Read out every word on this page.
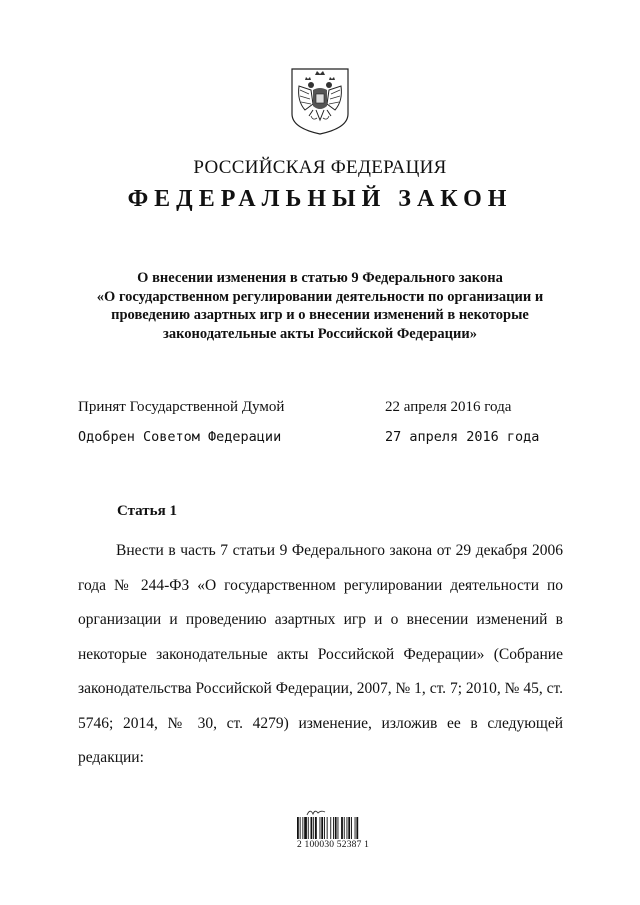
РОССИЙСКАЯ ФЕДЕРАЦИЯ
ФЕДЕРАЛЬНЫЙ ЗАКОН
О внесении изменения в статью 9 Федерального закона
«О государственном регулировании деятельности по организации и
проведению азартных игр и о внесении изменений в некоторые
законодательные акты Российской Федерации»
Принят Государственной Думой	22 апреля 2016 года
Одобрен Советом Федерации	27 апреля 2016 года
Статья 1

Внести в часть 7 статьи 9 Федерального закона от 29 декабря 2006 года № 244-ФЗ «О государственном регулировании деятельности по организации и проведению азартных игр и о внесении изменений в некоторые законодательные акты Российской Федерации» (Собрание законодательства Российской Федерации, 2007, № 1, ст. 7; 2010, № 45, ст. 5746; 2014, № 30, ст. 4279) изменение, изложив ее в следующей редакции:

2 100030 52387 1
